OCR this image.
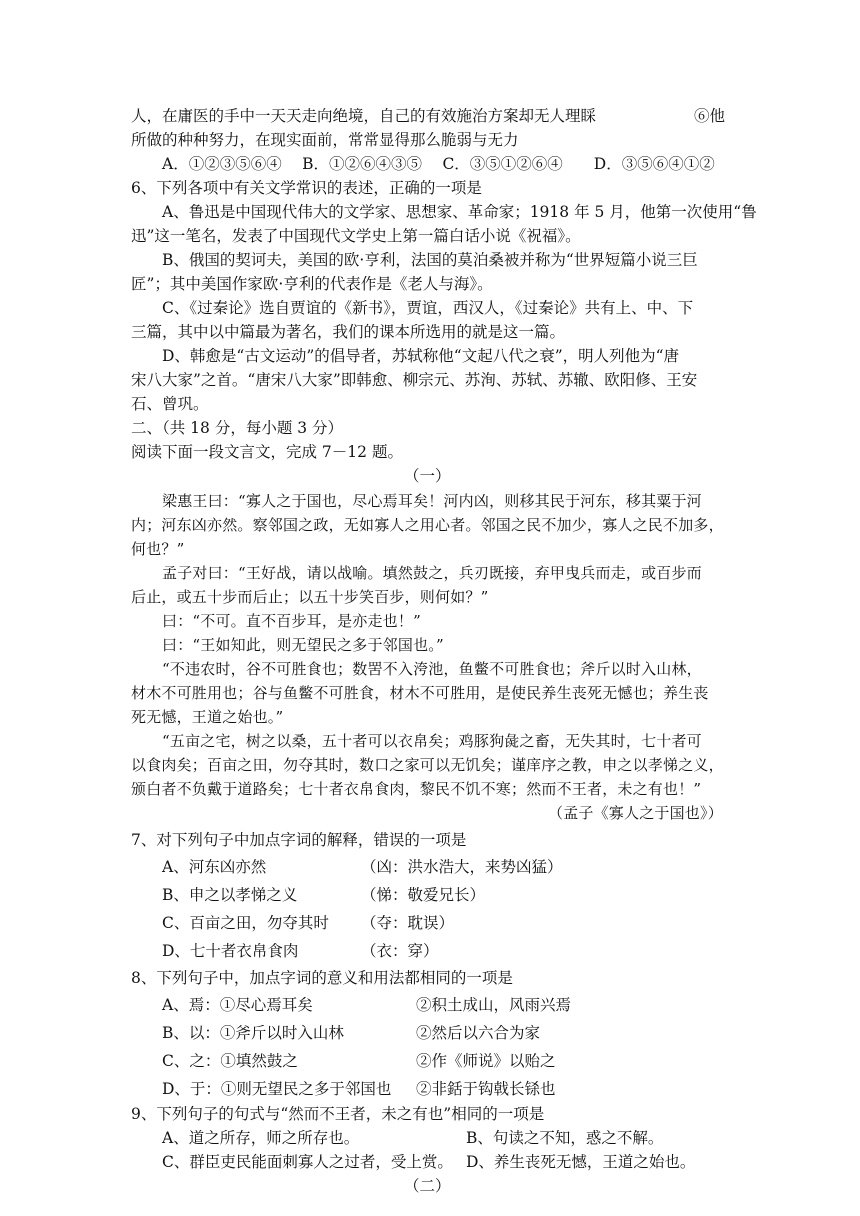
人，在庸医的手中一天天走向绝境，自己的有效施治方案却无人理睬	⑥他
所做的种种努力，在现实面前，常常显得那么脆弱与无力
A．①②③⑤⑥④　 B．①②⑥④③⑤　 C．③⑤①②⑥④　　D．③⑤⑥④①②
6、下列各项中有关文学常识的表述，正确的一项是
A、鲁迅是中国现代伟大的文学家、思想家、革命家；1918 年 5 月，他第一次使用“鲁
迅”这一笔名，发表了中国现代文学史上第一篇白话小说《祝福》。
B、俄国的契诃夫，美国的欧·亨利，法国的莫泊桑被并称为“世界短篇小说三巨
匠”；其中美国作家欧·亨利的代表作是《老人与海》。
C、《过秦论》选自贾谊的《新书》，贾谊，西汉人，《过秦论》共有上、中、下
三篇，其中以中篇最为著名，我们的课本所选用的就是这一篇。
D、韩愈是“古文运动”的倡导者，苏轼称他“文起八代之衰”，明人列他为“唐
宋八大家”之首。“唐宋八大家”即韩愈、柳宗元、苏洵、苏轼、苏辙、欧阳修、王安
石、曾巩。
二、（共 18 分，每小题 3 分）
阅读下面一段文言文，完成 7－12 题。
（一）
梁惠王曰：“寡人之于国也，尽心焉耳矣！河内凶，则移其民于河东，移其粟于河
内；河东凶亦然。察邻国之政，无如寡人之用心者。邻国之民不加少，寡人之民不加多，
何也？”
孟子对曰：“王好战，请以战喻。填然鼓之，兵刃既接，弃甲曳兵而走，或百步而
后止，或五十步而后止；以五十步笑百步，则何如？”
曰：“不可。直不百步耳，是亦走也！”
曰：“王如知此，则无望民之多于邻国也。”
“不违农时，谷不可胜食也；数罟不入洿池，鱼鳖不可胜食也；斧斤以时入山林，
材木不可胜用也；谷与鱼鳖不可胜食，材木不可胜用，是使民养生丧死无憾也；养生丧
死无憾，王道之始也。”
“五亩之宅，树之以桑，五十者可以衣帛矣；鸡豚狗彘之畜，无失其时，七十者可
以食肉矣；百亩之田，勿夺其时，数口之家可以无饥矣；谨庠序之教，申之以孝悌之义，
颁白者不负戴于道路矣；七十者衣帛食肉，黎民不饥不寒；然而不王者，未之有也！”
（孟子《寡人之于国也》）
7、对下列句子中加点字词的解释，错误的一项是
A、河东凶亦然	（凶：洪水浩大，来势凶猛）
B、申之以孝悌之义	（悌：敬爱兄长）
C、百亩之田，勿夺其时 （夺：耽误）
D、七十者衣帛食肉	（衣：穿）
8、下列句子中，加点字词的意义和用法都相同的一项是
A、焉：①尽心焉耳矣	②积土成山，风雨兴焉
B、以：①斧斤以时入山林	②然后以六合为家
C、之：①填然鼓之	②作《师说》以贻之
D、于：①则无望民之多于邻国也 ②非銛于钩戟长铩也
9、下列句子的句式与“然而不王者，未之有也”相同的一项是
A、道之所存，师之所存也。	B、句读之不知，惑之不解。
C、群臣吏民能面刺寡人之过者，受上赏。 D、养生丧死无憾，王道之始也。
（二）
